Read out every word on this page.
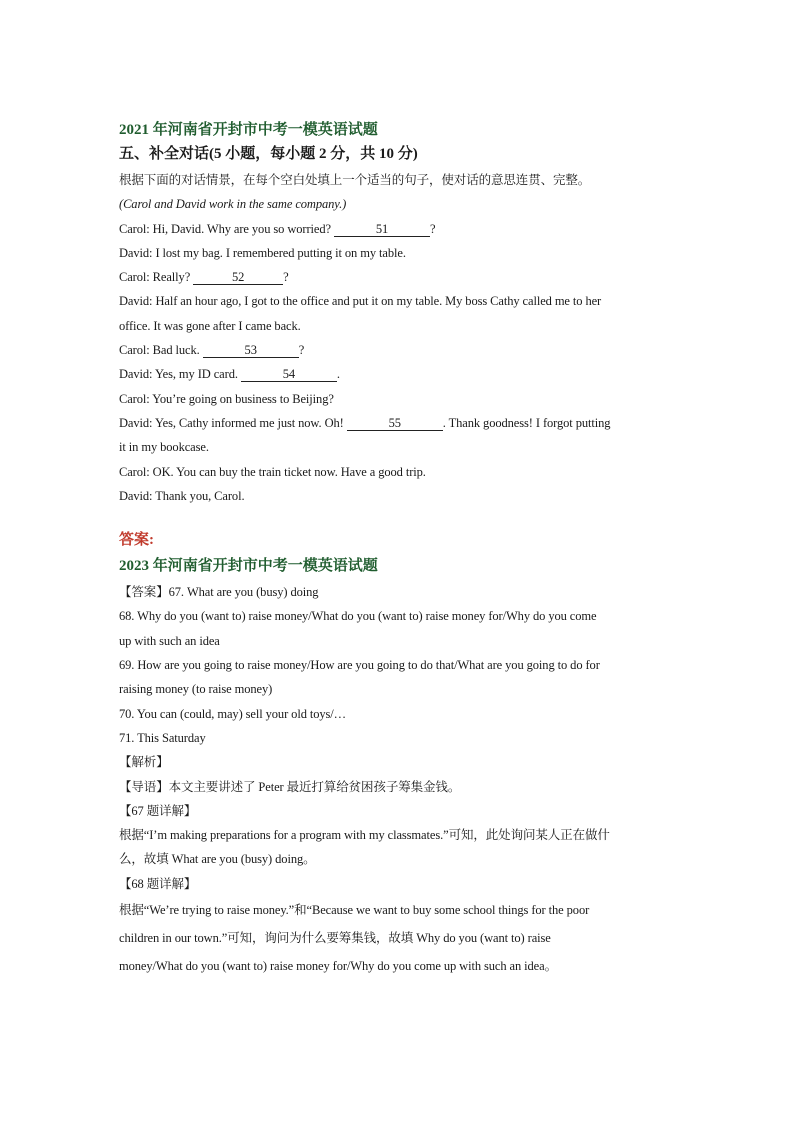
2021 年河南省开封市中考一模英语试题

五、补全对话(5 小题，每小题 2 分，共 10 分)

根据下面的对话情景，在每个空白处填上一个适当的句子，使对话的意思连贯、完整。

(Carol and David work in the same company.)

Carol: Hi, David. Why are you so worried?	51	?

David: I lost my bag. I remembered putting it on my table.

Carol: Really?	52	?

David: Half an hour ago, I got to the office and put it on my table. My boss Cathy called me to her

office. It was gone after I came back.

Carol: Bad luck.	53	?

David: Yes, my ID card.	54	.

Carol: You’re going on business to Beijing?

David: Yes, Cathy informed me just now. Oh!	55	. Thank goodness! I forgot putting

it in my bookcase.

Carol: OK. You can buy the train ticket now. Have a good trip.

David: Thank you, Carol.

答案:

2023 年河南省开封市中考一模英语试题

【答案】67. What are you (busy) doing

68. Why do you (want to) raise money/What do you (want to) raise money for/Why do you come

up with such an idea

69. How are you going to raise money/How are you going to do that/What are you going to do for

raising money (to raise money)

70. You can (could, may) sell your old toys/…

71. This Saturday

【解析】

【导语】本文主要讲述了 Peter 最近打算给贫困孩子筹集金钱。

【67 题详解】

根据“I’m making preparations for a program with my classmates.”可知，此处询问某人正在做什

么，故填 What are you (busy) doing。

【68 题详解】

根据“We’re trying to raise money.”和“Because we want to buy some school things for the poor

children in our town.”可知，询问为什么要筹集钱，故填 Why do you (want to) raise

money/What do you (want to) raise money for/Why do you come up with such an idea。
